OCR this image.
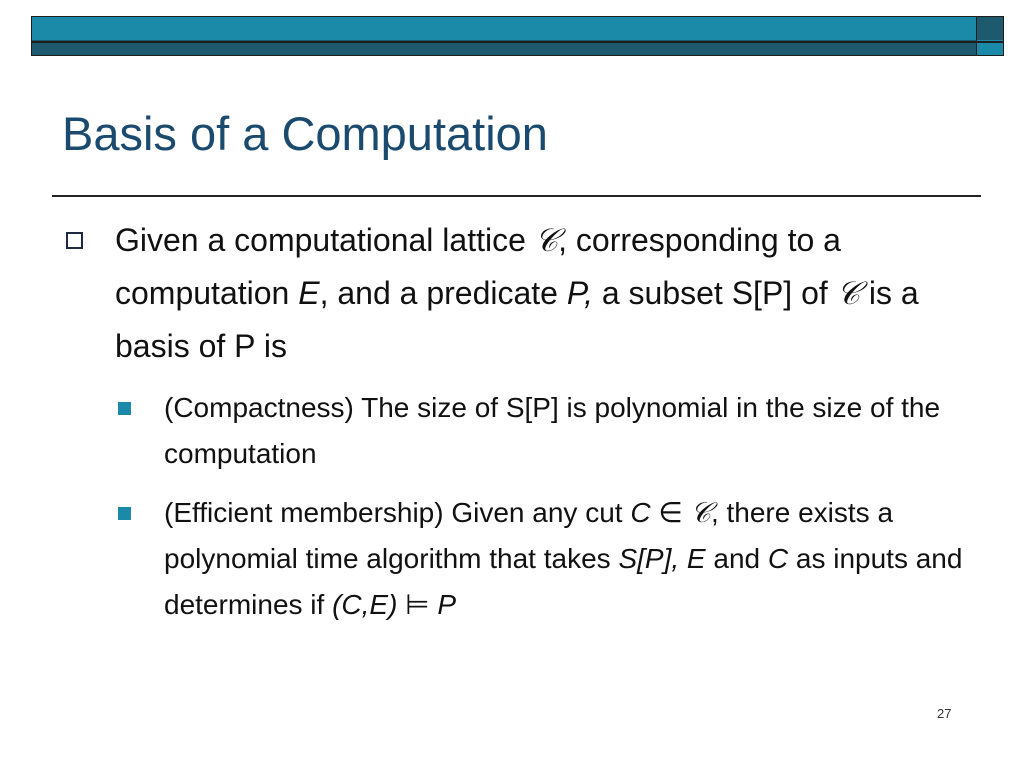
Basis of a Computation
Given a computational lattice 𝒞, corresponding to a computation E, and a predicate P, a subset S[P] of 𝒞 is a basis of P is
(Compactness) The size of S[P] is polynomial in the size of the computation
(Efficient membership) Given any cut C ∈ 𝒞, there exists a polynomial time algorithm that takes S[P], E and C as inputs and determines if (C,E) ⊨ P
27
